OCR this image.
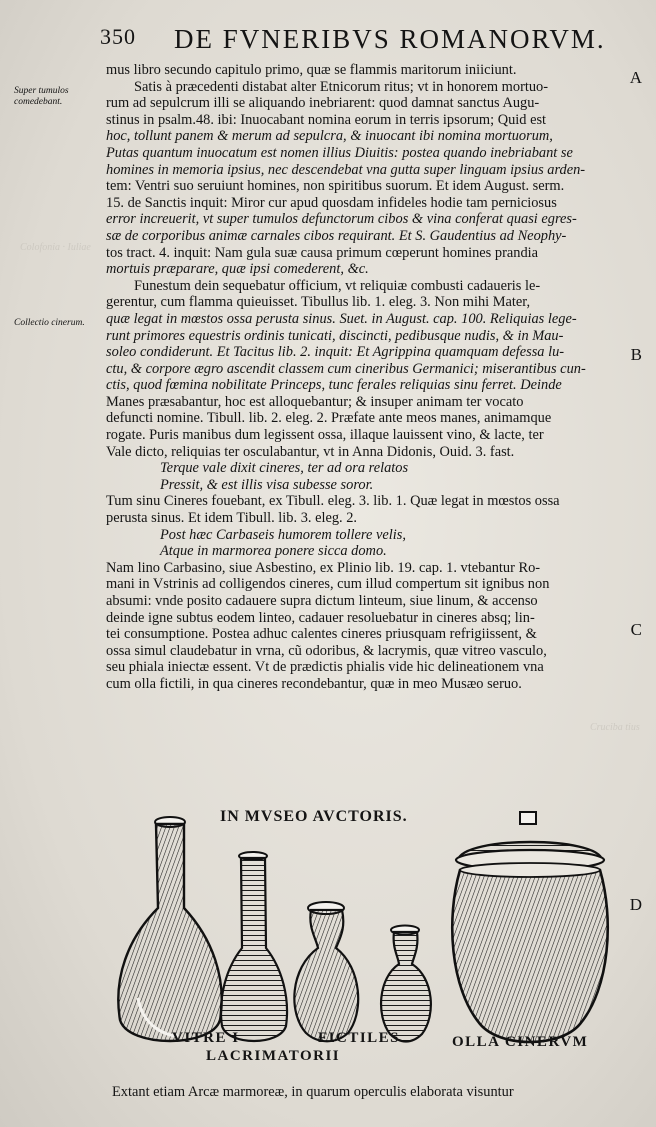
Colofonia · Iuliae
Cruciba tius
350 DE FVNERIBVS ROMANORVM.
Super tumulos comedebant.
Collectio cinerum.
A
B
C
D
mus libro secundo capitulo primo, quæ se flammis maritorum iniiciunt.
Satis à præcedenti distabat alter Etnicorum ritus; vt in honorem mortuo-
rum ad sepulcrum illi se aliquando inebriarent: quod damnat sanctus Augu-
stinus in psalm.48. ibi: Inuocabant nomina eorum in terris ipsorum; Quid est
hoc, tollunt panem & merum ad sepulcra, & inuocant ibi nomina mortuorum,
Putas quantum inuocatum est nomen illius Diuitis: postea quando inebriabant se
homines in memoria ipsius, nec descendebat vna gutta super linguam ipsius arden-
tem: Ventri suo seruiunt homines, non spiritibus suorum. Et idem August. serm.
15. de Sanctis inquit: Miror cur apud quosdam infideles hodie tam perniciosus
error increuerit, vt super tumulos defunctorum cibos & vina conferat quasi egres-
sæ de corporibus animæ carnales cibos requirant. Et S. Gaudentius ad Neophy-
tos tract. 4. inquit: Nam gula suæ causa primum cœperunt homines prandia
mortuis præparare, quæ ipsi comederent, &c.
Funestum dein sequebatur officium, vt reliquiæ combusti cadaueris le-
gerentur, cum flamma quieuisset. Tibullus lib. 1. eleg. 3. Non mihi Mater,
quæ legat in mœstos ossa perusta sinus. Suet. in August. cap. 100. Reliquias lege-
runt primores equestris ordinis tunicati, discincti, pedibusque nudis, & in Mau-
soleo condiderunt. Et Tacitus lib. 2. inquit: Et Agrippina quamquam defessa lu-
ctu, & corpore ægro ascendit classem cum cineribus Germanici; miserantibus cun-
ctis, quod fœmina nobilitate Princeps, tunc ferales reliquias sinu ferret. Deinde
Manes præsabantur, hoc est alloquebantur; & insuper animam ter vocato
defuncti nomine. Tibull. lib. 2. eleg. 2. Præfate ante meos manes, animamque
rogate. Puris manibus dum legissent ossa, illaque lauissent vino, & lacte, ter
Vale dicto, reliquias ter osculabantur, vt in Anna Didonis, Ouid. 3. fast.
Terque vale dixit cineres, ter ad ora relatos
Pressit, & est illis visa subesse soror.
Tum sinu Cineres fouebant, ex Tibull. eleg. 3. lib. 1. Quæ legat in mœstos ossa
perusta sinus. Et idem Tibull. lib. 3. eleg. 2.
Post hæc Carbaseis humorem tollere velis,
Atque in marmorea ponere sicca domo.
Nam lino Carbasino, siue Asbestino, ex Plinio lib. 19. cap. 1. vtebantur Ro-
mani in Vstrinis ad colligendos cineres, cum illud compertum sit ignibus non
absumi: vnde posito cadauere supra dictum linteum, siue linum, & accenso
deinde igne subtus eodem linteo, cadauer resoluebatur in cineres absq; lin-
tei consumptione. Postea adhuc calentes cineres priusquam refrigiissent, &
ossa simul claudebatur in vrna, cũ odoribus, & lacrymis, quæ vitreo vasculo,
seu phiala iniectæ essent. Vt de prædictis phialis vide hic delineationem vna
cum olla fictili, in qua cineres recondebantur, quæ in meo Musæo seruo.
IN MVSEO AVCTORIS.
VITRE I	FICTILES	OLLA CINERVM
LACRIMATORII
Extant etiam Arcæ marmoreæ, in quarum operculis elaborata visuntur
